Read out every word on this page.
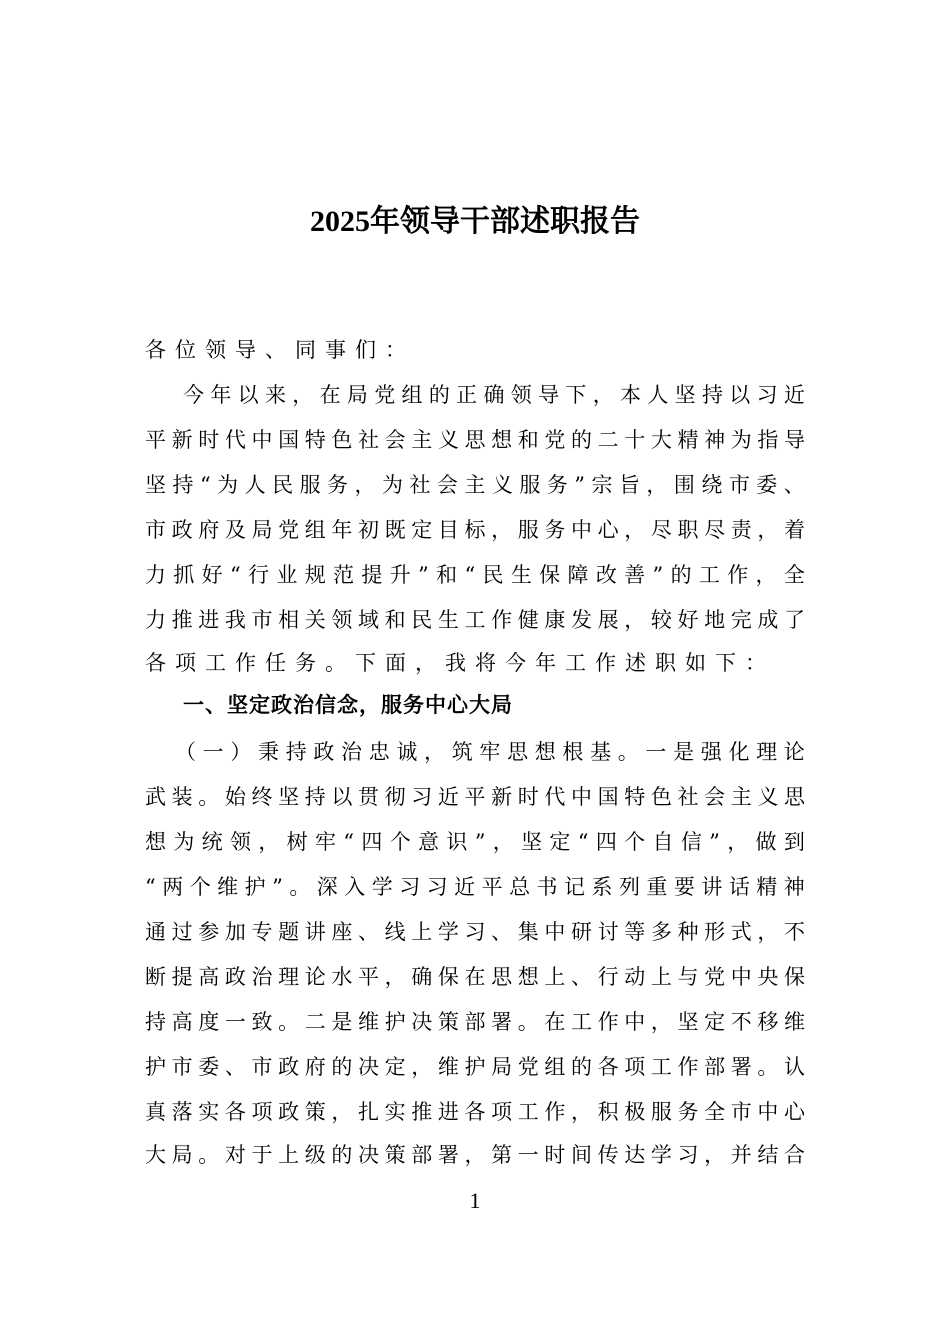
2025年领导干部述职报告
各位领导、同事们：
今 年 以 来 ， 在 局 党 组 的 正 确 领 导 下 ， 本 人 坚 持 以 习 近
平 新 时 代 中 国 特 色 社 会 主 义 思 想 和 党 的 二 十 大 精 神 为 指 导
坚 持 “ 为 人 民 服 务 ， 为 社 会 主 义 服 务 ” 宗 旨 ， 围 绕 市 委 、
市 政 府 及 局 党 组 年 初 既 定 目 标 ， 服 务 中 心 ， 尽 职 尽 责 ， 着
力 抓 好 “ 行 业 规 范 提 升 ” 和 “ 民 生 保 障 改 善 ” 的 工 作 ， 全
力 推 进 我 市 相 关 领 域 和 民 生 工 作 健 康 发 展 ， 较 好 地 完 成 了
各项工作任务。下面，我将今年工作述职如下：
一、坚定政治信念，服务中心大局
（ 一 ） 秉 持 政 治 忠 诚 ， 筑 牢 思 想 根 基 。 一 是 强 化 理 论
武 装 。 始 终 坚 持 以 贯 彻 习 近 平 新 时 代 中 国 特 色 社 会 主 义 思
想 为 统 领 ， 树 牢 “ 四 个 意 识 ” ， 坚 定 “ 四 个 自 信 ” ， 做 到
“ 两 个 维 护 ” 。 深 入 学 习 习 近 平 总 书 记 系 列 重 要 讲 话 精 神
通 过 参 加 专 题 讲 座 、 线 上 学 习 、 集 中 研 讨 等 多 种 形 式 ， 不
断 提 高 政 治 理 论 水 平 ， 确 保 在 思 想 上 、 行 动 上 与 党 中 央 保
持 高 度 一 致 。 二 是 维 护 决 策 部 署 。 在 工 作 中 ， 坚 定 不 移 维
护 市 委 、 市 政 府 的 决 定 ， 维 护 局 党 组 的 各 项 工 作 部 署 。 认
真 落 实 各 项 政 策 ， 扎 实 推 进 各 项 工 作 ， 积 极 服 务 全 市 中 心
大 局 。 对 于 上 级 的 决 策 部 署 ， 第 一 时 间 传 达 学 习 ， 并 结 合
1
